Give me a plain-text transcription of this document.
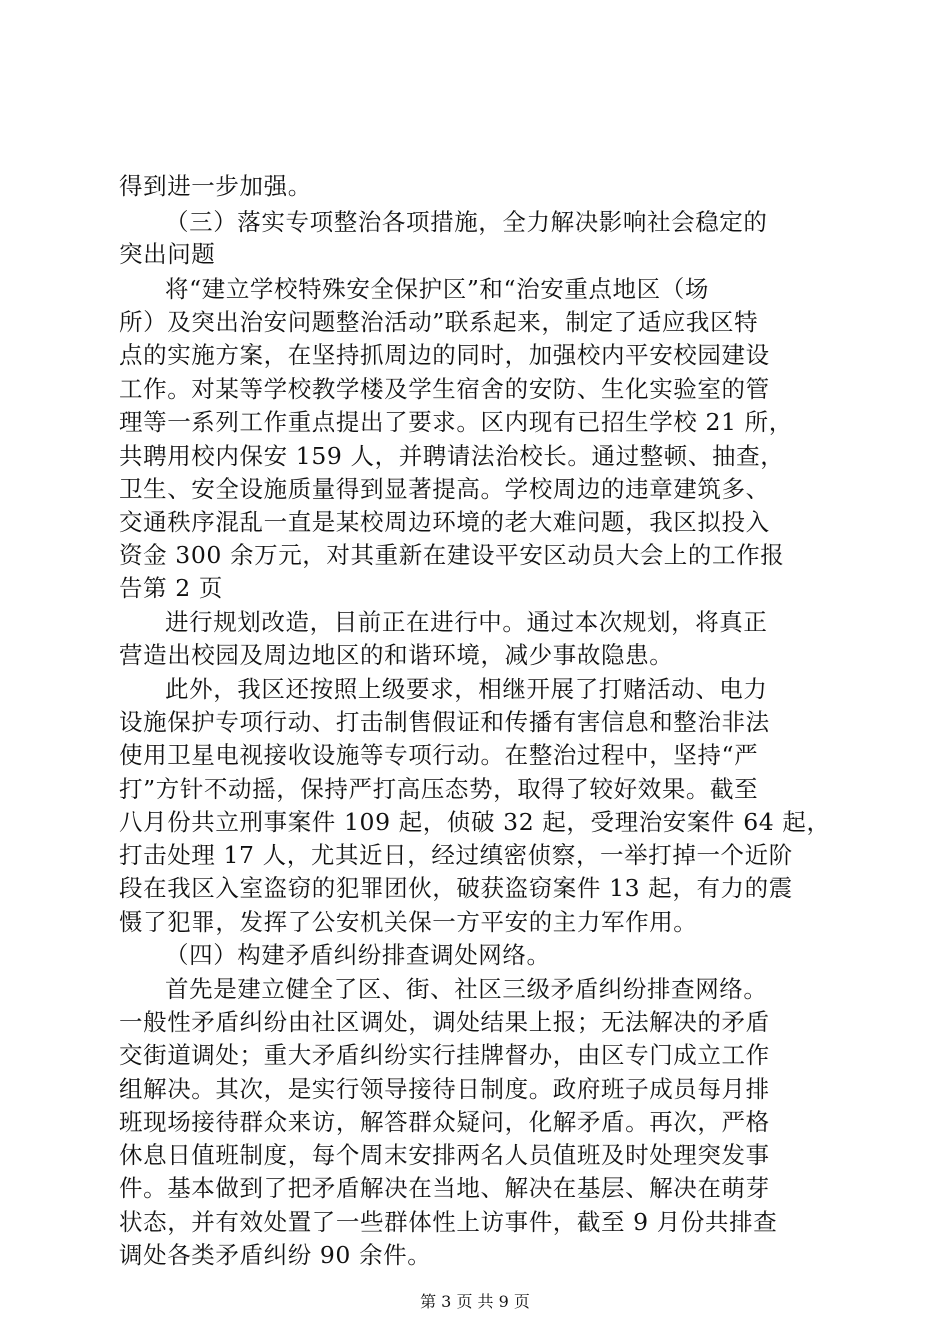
得到进一步加强。
（三）落实专项整治各项措施，全力解决影响社会稳定的
突出问题
将“建立学校特殊安全保护区”和“治安重点地区（场
所）及突出治安问题整治活动”联系起来，制定了适应我区特
点的实施方案，在坚持抓周边的同时，加强校内平安校园建设
工作。对某等学校教学楼及学生宿舍的安防、生化实验室的管
理等一系列工作重点提出了要求。区内现有已招生学校 21 所，
共聘用校内保安 159 人，并聘请法治校长。通过整顿、抽查，
卫生、安全设施质量得到显著提高。学校周边的违章建筑多、
交通秩序混乱一直是某校周边环境的老大难问题，我区拟投入
资金 300 余万元，对其重新在建设平安区动员大会上的工作报
告第 2 页
进行规划改造，目前正在进行中。通过本次规划，将真正
营造出校园及周边地区的和谐环境，减少事故隐患。
此外，我区还按照上级要求，相继开展了打赌活动、电力
设施保护专项行动、打击制售假证和传播有害信息和整治非法
使用卫星电视接收设施等专项行动。在整治过程中，坚持“严
打”方针不动摇，保持严打高压态势，取得了较好效果。截至
八月份共立刑事案件 109 起，侦破 32 起，受理治安案件 64 起，
打击处理 17 人，尤其近日，经过缜密侦察，一举打掉一个近阶
段在我区入室盗窃的犯罪团伙，破获盗窃案件 13 起，有力的震
慑了犯罪，发挥了公安机关保一方平安的主力军作用。
（四）构建矛盾纠纷排查调处网络。
首先是建立健全了区、街、社区三级矛盾纠纷排查网络。
一般性矛盾纠纷由社区调处，调处结果上报；无法解决的矛盾
交街道调处；重大矛盾纠纷实行挂牌督办，由区专门成立工作
组解决。其次，是实行领导接待日制度。政府班子成员每月排
班现场接待群众来访，解答群众疑问，化解矛盾。再次，严格
休息日值班制度，每个周末安排两名人员值班及时处理突发事
件。基本做到了把矛盾解决在当地、解决在基层、解决在萌芽
状态，并有效处置了一些群体性上访事件，截至 9 月份共排查
调处各类矛盾纠纷 90 余件。
第 3 页 共 9 页
